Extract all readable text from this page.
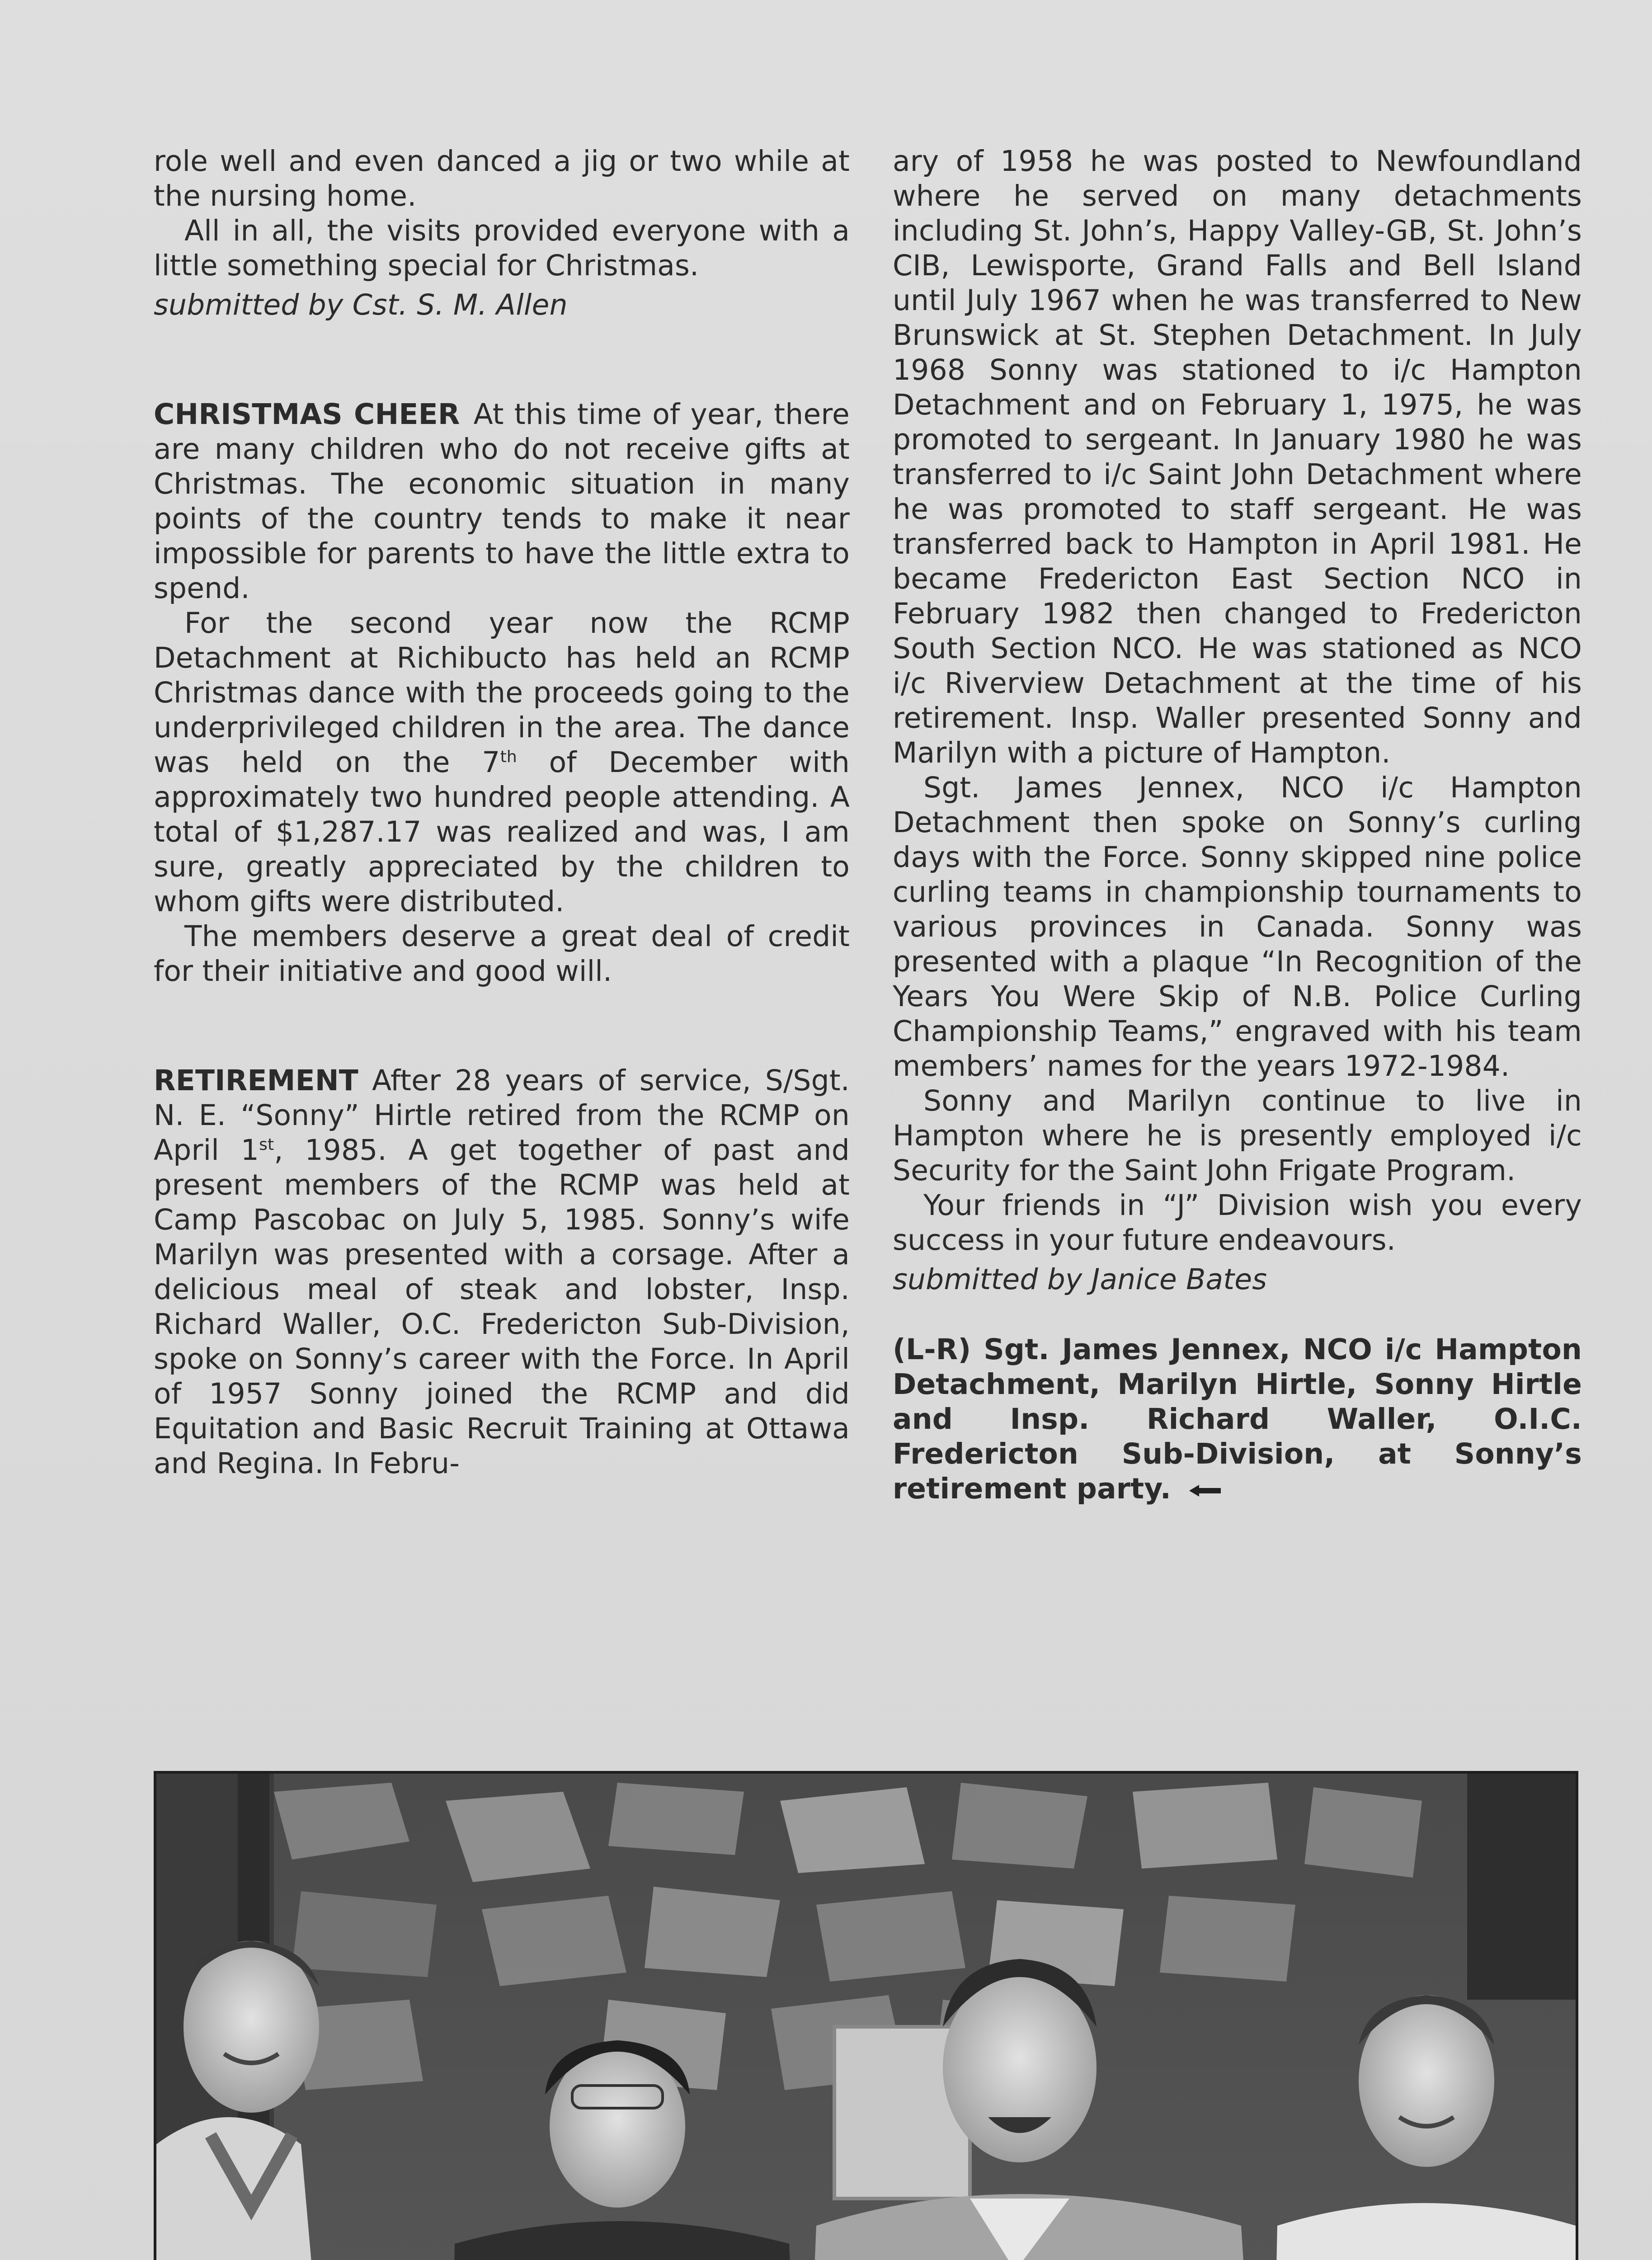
role well and even danced a jig or two while at the nursing home.

All in all, the visits provided everyone with a little something special for Christmas.

submitted by Cst. S. M. Allen

CHRISTMAS CHEER At this time of year, there are many children who do not receive gifts at Christmas. The economic situation in many points of the country tends to make it near impossible for parents to have the little extra to spend.

For the second year now the RCMP Detachment at Richibucto has held an RCMP Christmas dance with the proceeds going to the underprivileged children in the area. The dance was held on the 7th of December with approximately two hundred people attending. A total of $1,287.17 was realized and was, I am sure, greatly appreciated by the children to whom gifts were distributed.

The members deserve a great deal of credit for their initiative and good will.

RETIREMENT After 28 years of service, S/Sgt. N. E. “Sonny” Hirtle retired from the RCMP on April 1st, 1985. A get together of past and present members of the RCMP was held at Camp Pascobac on July 5, 1985. Sonny’s wife Marilyn was presented with a corsage. After a delicious meal of steak and lobster, Insp. Richard Waller, O.C. Fredericton Sub-Division, spoke on Sonny’s career with the Force. In April of 1957 Sonny joined the RCMP and did Equitation and Basic Recruit Training at Ottawa and Regina. In Febru-

ary of 1958 he was posted to Newfoundland where he served on many detachments including St. John’s, Happy Valley-GB, St. John’s CIB, Lewisporte, Grand Falls and Bell Island until July 1967 when he was transferred to New Brunswick at St. Stephen Detachment. In July 1968 Sonny was stationed to i/c Hampton Detachment and on February 1, 1975, he was promoted to sergeant. In January 1980 he was transferred to i/c Saint John Detachment where he was promoted to staff sergeant. He was transferred back to Hampton in April 1981. He became Fredericton East Section NCO in February 1982 then changed to Fredericton South Section NCO. He was stationed as NCO i/c Riverview Detachment at the time of his retirement. Insp. Waller presented Sonny and Marilyn with a picture of Hampton.

Sgt. James Jennex, NCO i/c Hampton Detachment then spoke on Sonny’s curling days with the Force. Sonny skipped nine police curling teams in championship tournaments to various provinces in Canada. Sonny was presented with a plaque “In Recognition of the Years You Were Skip of N.B. Police Curling Championship Teams,” engraved with his team members’ names for the years 1972-1984.

Sonny and Marilyn continue to live in Hampton where he is presently employed i/c Security for the Saint John Frigate Program.

Your friends in “J” Division wish you every success in your future endeavours.

submitted by Janice Bates

(L-R) Sgt. James Jennex, NCO i/c Hampton Detachment, Marilyn Hirtle, Sonny Hirtle and Insp. Richard Waller, O.I.C. Fredericton Sub-Division, at Sonny’s retirement party.
